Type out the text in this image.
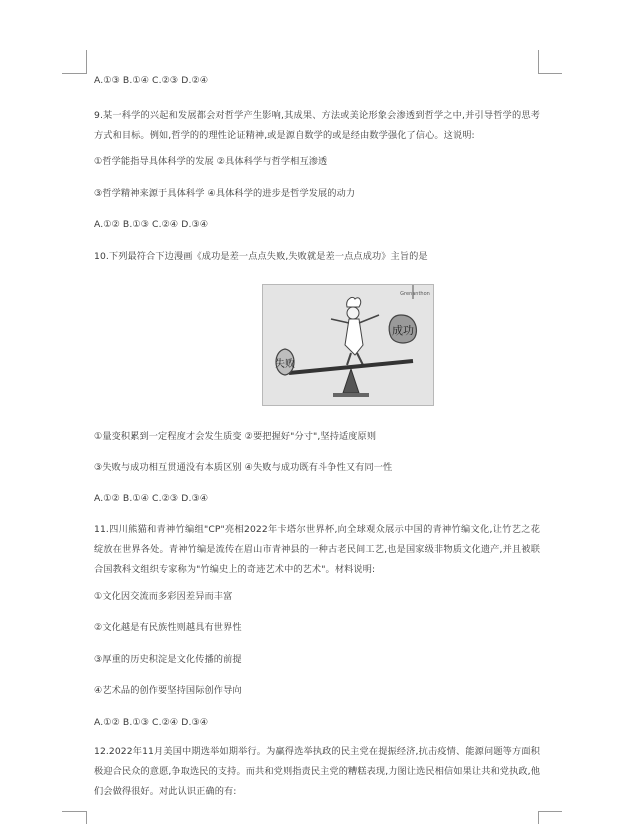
A.①③ B.①④ C.②③ D.②④
9.某一科学的兴起和发展都会对哲学产生影响,其成果、方法或美论形象会渗透到哲学之中,并引导哲学的思考方式和目标。例如,哲学的的理性论证精神,或是源自数学的或是经由数学强化了信心。这说明:
①哲学能指导具体科学的发展 ②具体科学与哲学相互渗透
③哲学精神来源于具体科学 ④具体科学的进步是哲学发展的动力
A.①② B.①③ C.②④ D.③④
10.下列最符合下边漫画《成功是差一点点失败,失败就是差一点点成功》主旨的是
Grenanthon
成功
失败
①量变积累到一定程度才会发生质变 ②要把握好"分寸",坚持适度原则
③失败与成功相互贯通没有本质区别 ④失败与成功既有斗争性又有同一性
A.①② B.①④ C.②③ D.③④
11.四川熊猫和青神竹编组"CP"亮相2022年卡塔尔世界杯,向全球观众展示中国的青神竹编文化,让竹艺之花绽放在世界各处。青神竹编是流传在眉山市青神县的一种古老民间工艺,也是国家级非物质文化遗产,并且被联合国教科文组织专家称为"竹编史上的奇迹艺术中的艺术"。材料说明:
①文化因交流而多彩因差异而丰富
②文化越是有民族性则越具有世界性
③厚重的历史积淀是文化传播的前提
④艺术品的创作要坚持国际创作导向
A.①② B.①③ C.②④ D.③④
12.2022年11月美国中期选举如期举行。为赢得选举执政的民主党在提振经济,抗击疫情、能源问题等方面积极迎合民众的意愿,争取选民的支持。而共和党则指责民主党的糟糕表现,力图让选民相信如果让共和党执政,他们会做得很好。对此认识正确的有:
